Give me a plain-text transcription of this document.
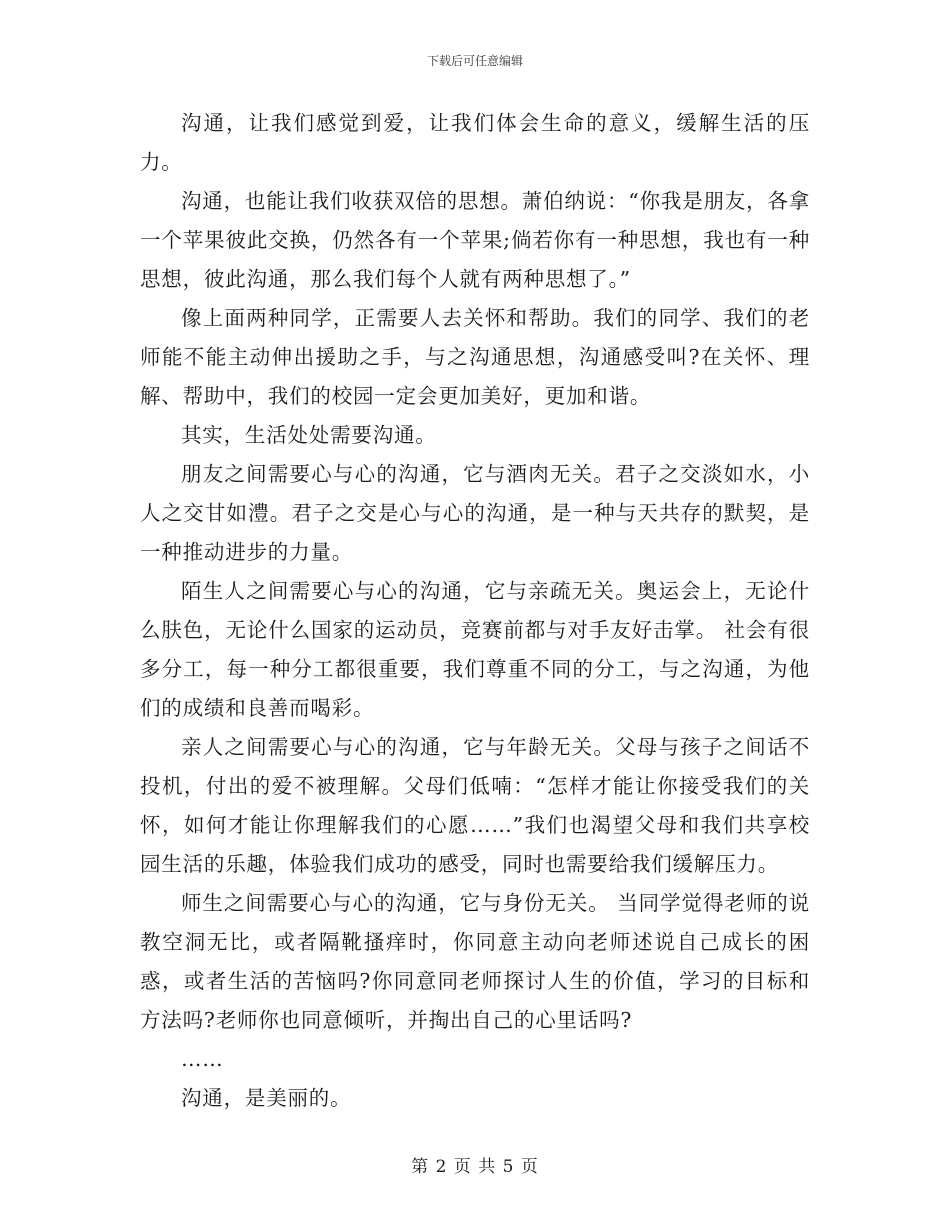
下载后可任意编辑

沟通，让我们感觉到爱，让我们体会生命的意义，缓解生活的压力。

沟通，也能让我们收获双倍的思想。萧伯纳说：“你我是朋友，各拿一个苹果彼此交换，仍然各有一个苹果;倘若你有一种思想，我也有一种思想，彼此沟通，那么我们每个人就有两种思想了。”

像上面两种同学，正需要人去关怀和帮助。我们的同学、我们的老师能不能主动伸出援助之手，与之沟通思想，沟通感受叫?在关怀、理解、帮助中，我们的校园一定会更加美好，更加和谐。

其实，生活处处需要沟通。

朋友之间需要心与心的沟通，它与酒肉无关。君子之交淡如水，小人之交甘如澧。君子之交是心与心的沟通，是一种与天共存的默契，是一种推动进步的力量。

陌生人之间需要心与心的沟通，它与亲疏无关。奥运会上，无论什么肤色，无论什么国家的运动员，竞赛前都与对手友好击掌。 社会有很多分工，每一种分工都很重要，我们尊重不同的分工，与之沟通，为他们的成绩和良善而喝彩。

亲人之间需要心与心的沟通，它与年龄无关。父母与孩子之间话不投机，付出的爱不被理解。父母们低喃：“怎样才能让你接受我们的关怀，如何才能让你理解我们的心愿……”我们也渴望父母和我们共享校园生活的乐趣，体验我们成功的感受，同时也需要给我们缓解压力。

师生之间需要心与心的沟通，它与身份无关。 当同学觉得老师的说教空洞无比，或者隔靴搔痒时，你同意主动向老师述说自己成长的困惑，或者生活的苦恼吗?你同意同老师探讨人生的价值，学习的目标和方法吗?老师你也同意倾听，并掏出自己的心里话吗?

……

沟通，是美丽的。

第 2 页 共 5 页
